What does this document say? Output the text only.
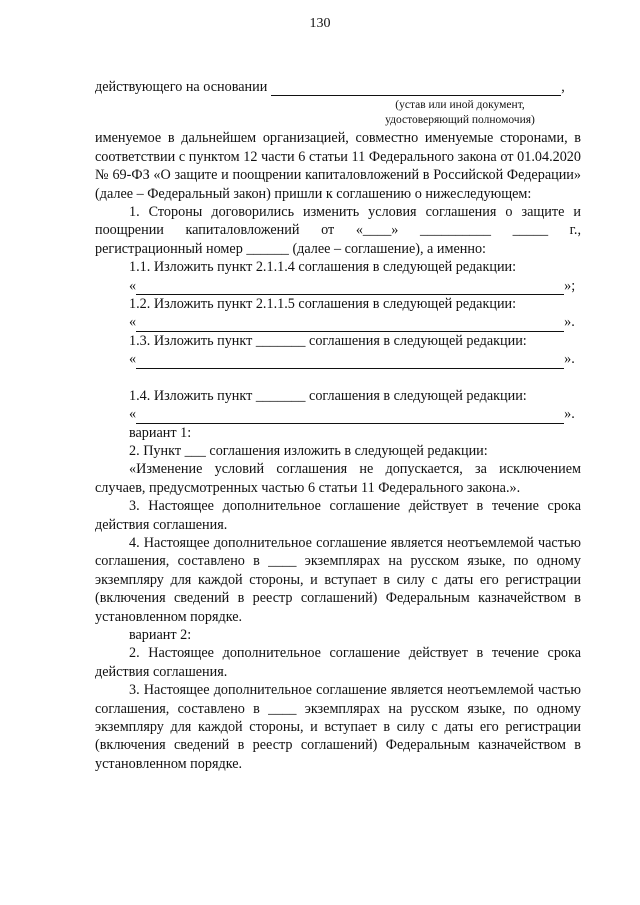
130
действующего на основании	,
(устав или иной документ,
удостоверяющий полномочия)

именуемое в дальнейшем организацией, совместно именуемые сторонами, в соответствии с пунктом 12 части 6 статьи 11 Федерального закона от 01.04.2020 № 69-ФЗ «О защите и поощрении капиталовложений в Российской Федерации» (далее – Федеральный закон) пришли к соглашению о нижеследующем:

1. Стороны договорились изменить условия соглашения о защите и поощрении капиталовложений от «____» __________ _____ г., регистрационный номер ______ (далее – соглашение), а именно:

1.1. Изложить пункт 2.1.1.4 соглашения в следующей редакции:

«	»;

1.2. Изложить пункт 2.1.1.5 соглашения в следующей редакции:

«	».

1.3. Изложить пункт _______ соглашения в следующей редакции:

«	».

1.4. Изложить пункт _______ соглашения в следующей редакции:

«	».

вариант 1:

2. Пункт ___ соглашения изложить в следующей редакции:

«Изменение условий соглашения не допускается, за исключением случаев, предусмотренных частью 6 статьи 11 Федерального закона.».

3. Настоящее дополнительное соглашение действует в течение срока действия соглашения.

4. Настоящее дополнительное соглашение является неотъемлемой частью соглашения, составлено в ____ экземплярах на русском языке, по одному экземпляру для каждой стороны, и вступает в силу с даты его регистрации (включения сведений в реестр соглашений) Федеральным казначейством в установленном порядке.

вариант 2:

2. Настоящее дополнительное соглашение действует в течение срока действия соглашения.

3. Настоящее дополнительное соглашение является неотъемлемой частью соглашения, составлено в ____ экземплярах на русском языке, по одному экземпляру для каждой стороны, и вступает в силу с даты его регистрации (включения сведений в реестр соглашений) Федеральным казначейством в установленном порядке.
